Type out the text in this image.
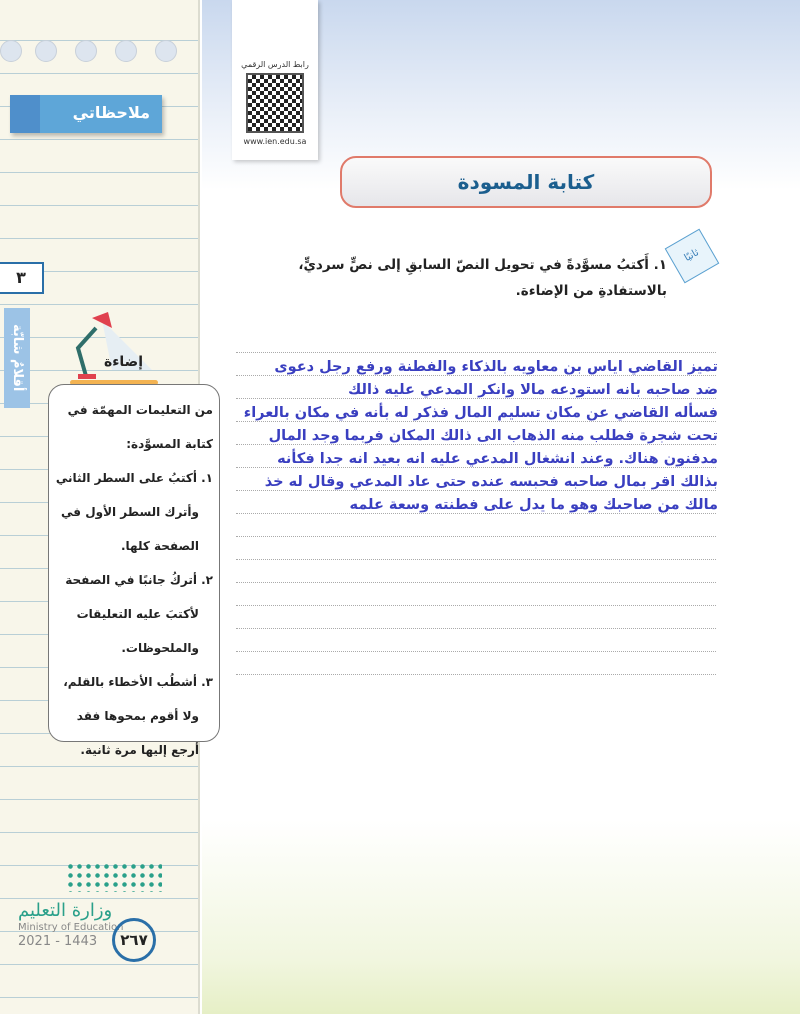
ملاحظاتي
٣
أقلامٌ شابّة	إضاءة
من التعليمات المهمّة في
كتابة المسوَّدة:
١. أكتبُ على السطر الثاني
وأترك السطر الأول في
الصفحة كلها.
٢. أتركُ جانبًا في الصفحة
لأكتبَ عليه التعليقات
والملحوظات.
٣. أشطُب الأخطاء بالقلم،
ولا أقوم بمحوها فقد
أرجع إليها مرة ثانية.
وزارة التعليم
Ministry of Education
2021 - 1443	٢٦٧
رابط الدرس الرقمي
www.ien.edu.sa
كتابة المسودة
ثانيًا
١. أَكتبُ مسوَّدةً في تحويل النصّ السابقِ إلى نصٍّ سرديٍّ، بالاستفادةِ من الإضاءة.
تميز القاضي اياس بن معاويه بالذكاء والفطنة ورفع رجل دعوى
ضد صاحبه بانه استودعه مالا وانكر المدعي عليه ذالك
فسأله القاضي عن مكان تسليم المال فذكر له بأنه في مكان بالعراء
تحت شجرة فطلب منه الذهاب الى ذالك المكان فربما وجد المال
مدفنون هناك. وعند انشغال المدعي عليه انه بعيد انه جدا فكأنه
بذالك اقر بمال صاحبه فحبسه عنده حتى عاد المدعي وقال له خذ
مالك من صاحبك وهو ما يدل على فطنته وسعة علمه
